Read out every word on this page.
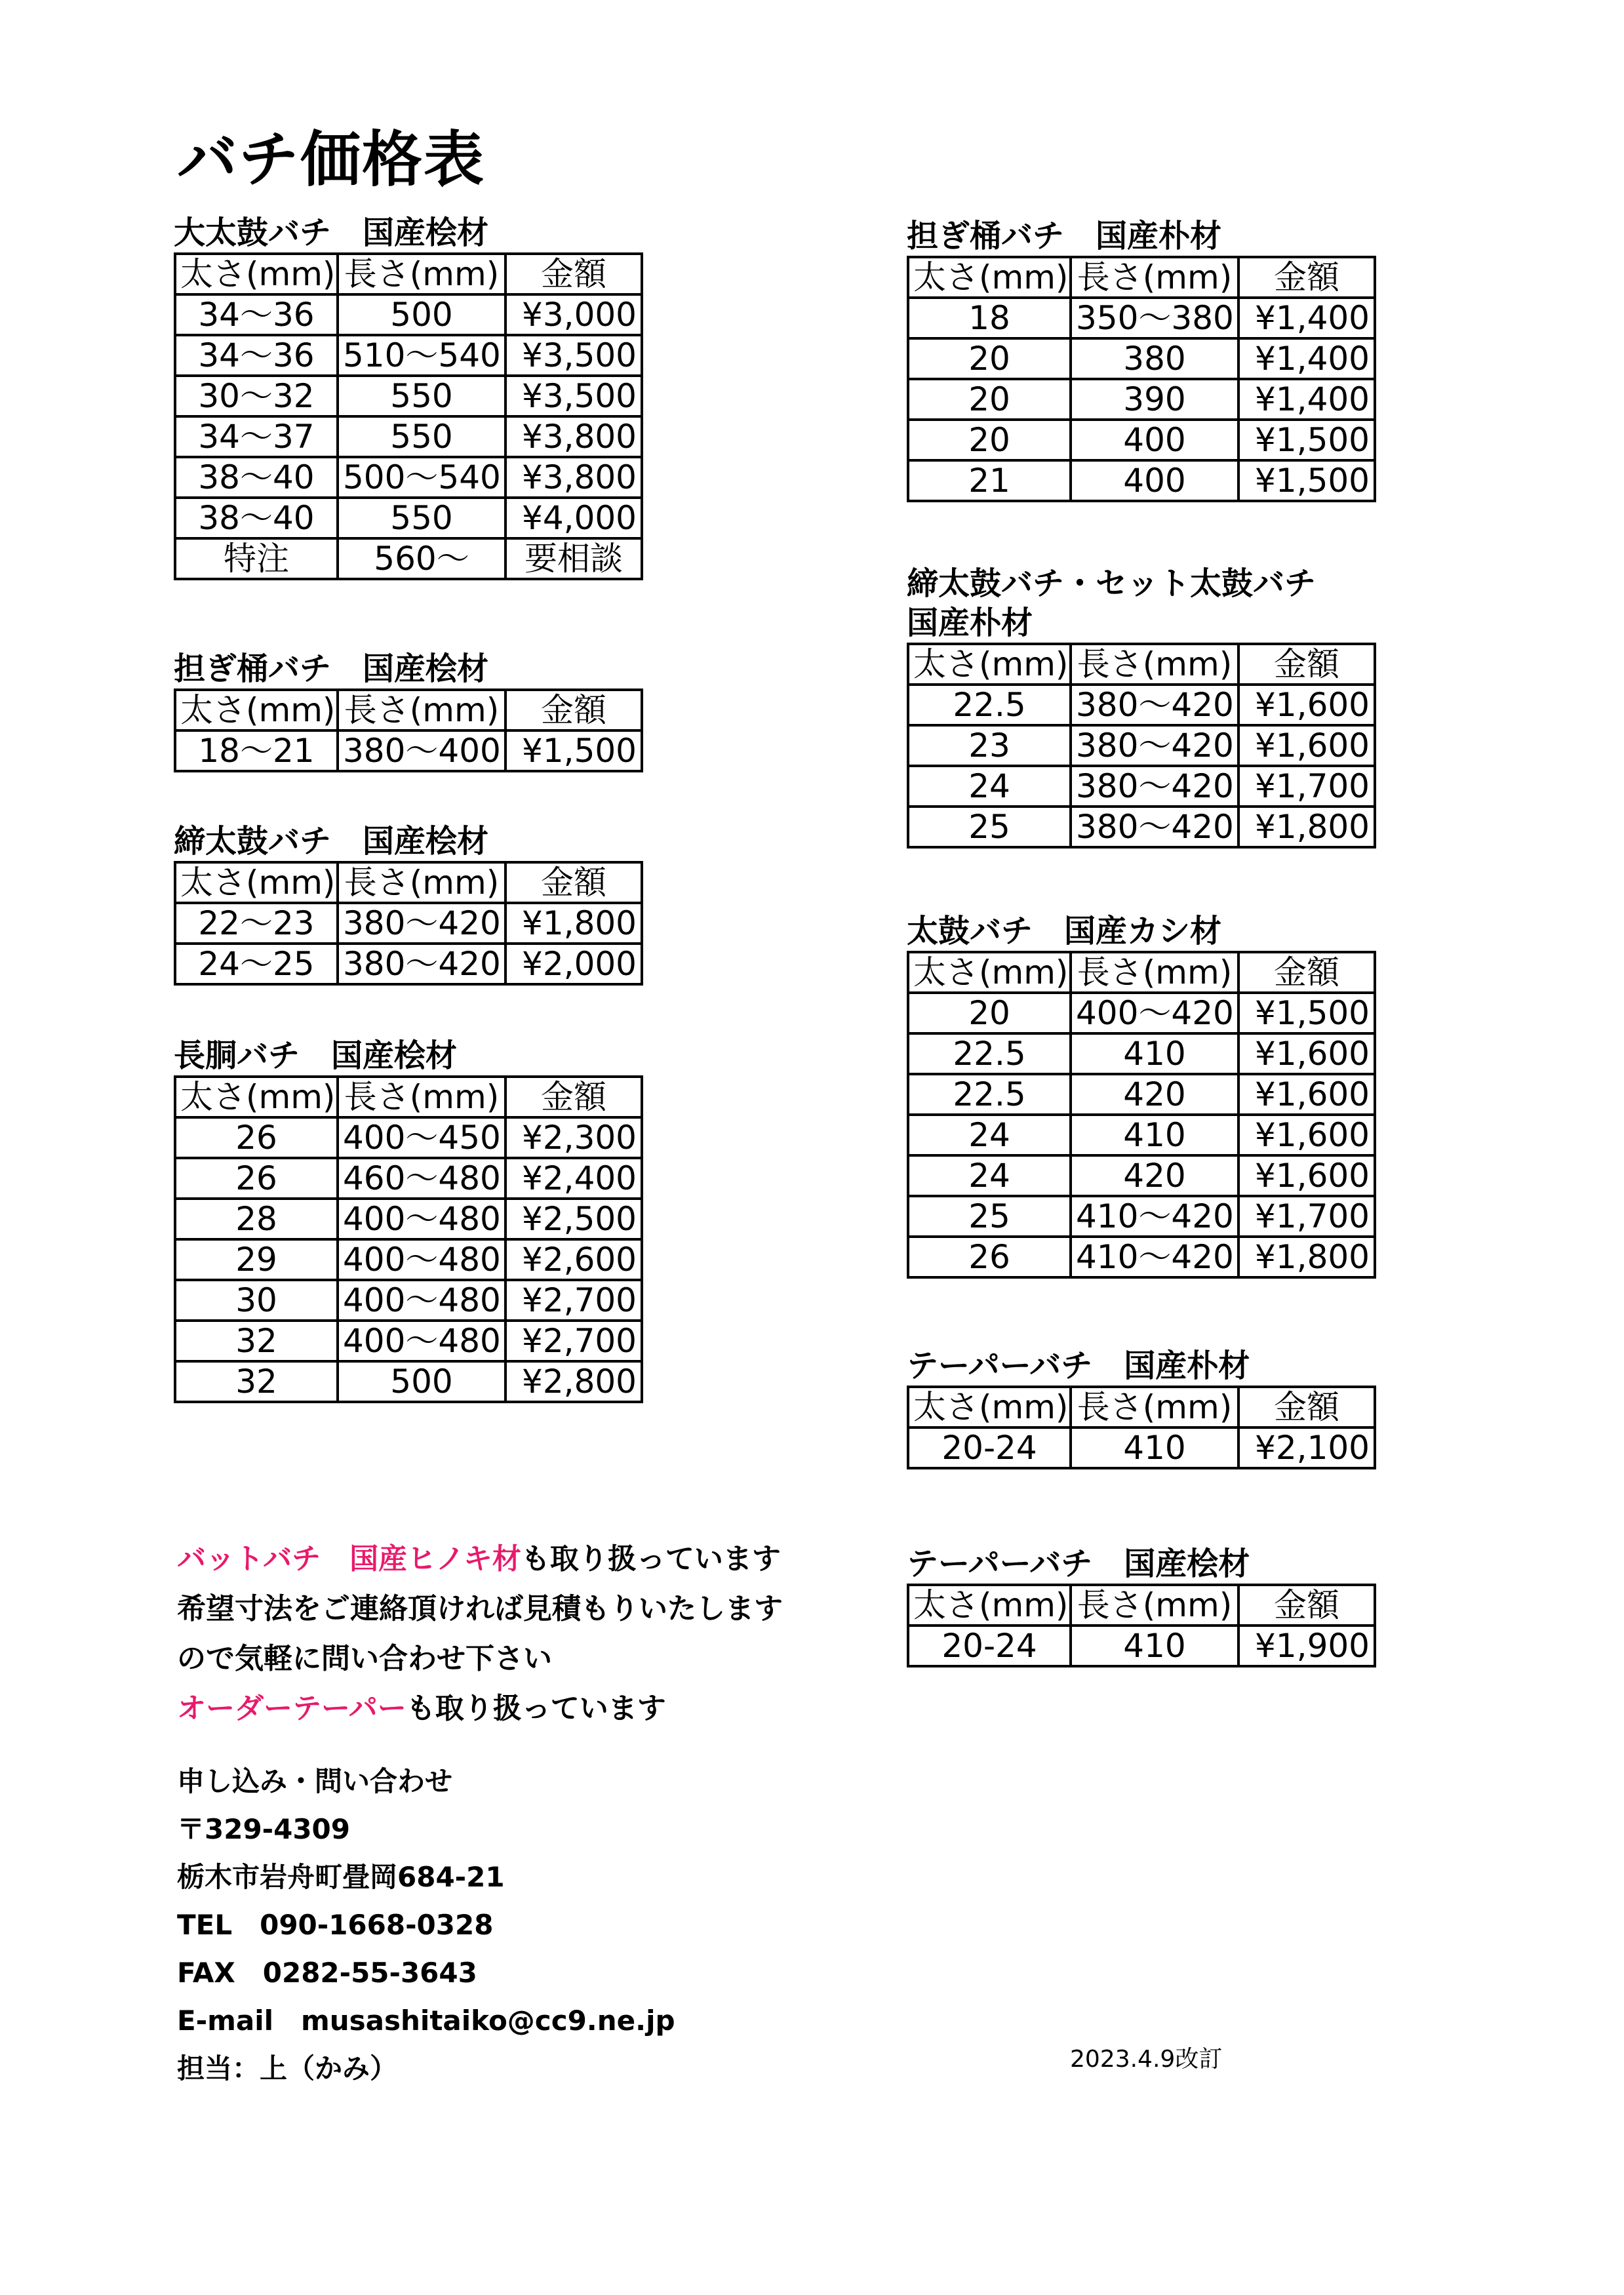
バチ価格表
大太鼓バチ　国産桧材
太さ(mm)	長さ(mm)	金額
34〜36	500	¥3,000
34〜36	510〜540	¥3,500
30〜32	550	¥3,500
34〜37	550	¥3,800
38〜40	500〜540	¥3,800
38〜40	550	¥4,000
特注	560〜	要相談
担ぎ桶バチ　国産桧材
太さ(mm)	長さ(mm)	金額
18〜21	380〜400	¥1,500
締太鼓バチ　国産桧材
太さ(mm)	長さ(mm)	金額
22〜23	380〜420	¥1,800
24〜25	380〜420	¥2,000
長胴バチ　国産桧材
太さ(mm)	長さ(mm)	金額
26	400〜450	¥2,300
26	460〜480	¥2,400
28	400〜480	¥2,500
29	400〜480	¥2,600
30	400〜480	¥2,700
32	400〜480	¥2,700
32	500	¥2,800
担ぎ桶バチ　国産朴材
太さ(mm)	長さ(mm)	金額
18	350〜380	¥1,400
20	380	¥1,400
20	390	¥1,400
20	400	¥1,500
21	400	¥1,500
締太鼓バチ・セット太鼓バチ
国産朴材
太さ(mm)	長さ(mm)	金額
22.5	380〜420	¥1,600
23	380〜420	¥1,600
24	380〜420	¥1,700
25	380〜420	¥1,800
太鼓バチ　国産カシ材
太さ(mm)	長さ(mm)	金額
20	400〜420	¥1,500
22.5	410	¥1,600
22.5	420	¥1,600
24	410	¥1,600
24	420	¥1,600
25	410〜420	¥1,700
26	410〜420	¥1,800
テーパーバチ　国産朴材
太さ(mm)	長さ(mm)	金額
20-24	410	¥2,100
テーパーバチ　国産桧材
太さ(mm)	長さ(mm)	金額
20-24	410	¥1,900
バットバチ　国産ヒノキ材も取り扱っています
希望寸法をご連絡頂ければ見積もりいたします
ので気軽に問い合わせ下さい
オーダーテーパーも取り扱っています
申し込み・問い合わせ
〒329-4309
栃木市岩舟町畳岡684-21
TEL　090-1668-0328
FAX　0282-55-3643
E-mail　musashitaiko@cc9.ne.jp
担当：上（かみ）	2023.4.9改訂
